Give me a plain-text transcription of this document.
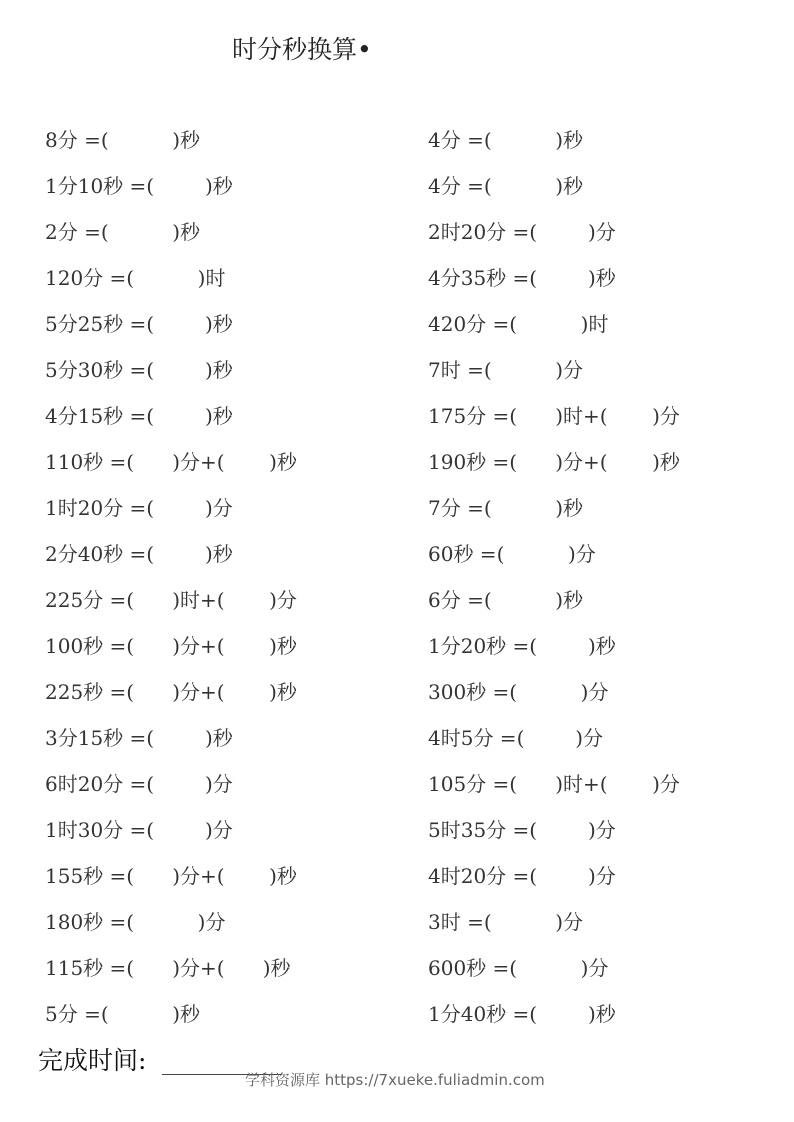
时分秒换算•
8分 =(          )秒
1分10秒 =(        )秒
2分 =(          )秒
120分 =(          )时
5分25秒 =(        )秒
5分30秒 =(        )秒
4分15秒 =(        )秒
110秒 =(      )分+(       )秒
1时20分 =(        )分
2分40秒 =(        )秒
225分 =(      )时+(       )分
100秒 =(      )分+(       )秒
225秒 =(      )分+(       )秒
3分15秒 =(        )秒
6时20分 =(        )分
1时30分 =(        )分
155秒 =(      )分+(       )秒
180秒 =(          )分
115秒 =(      )分+(      )秒
5分 =(          )秒
4分 =(          )秒
4分 =(          )秒
2时20分 =(        )分
4分35秒 =(        )秒
420分 =(          )时
7时 =(          )分
175分 =(      )时+(       )分
190秒 =(      )分+(       )秒
7分 =(          )秒
60秒 =(          )分
6分 =(          )秒
1分20秒 =(        )秒
300秒 =(          )分
4时5分 =(        )分
105分 =(      )时+(       )分
5时35分 =(        )分
4时20分 =(        )分
3时 =(          )分
600秒 =(          )分
1分40秒 =(        )秒
完成时间:
学科资源库 https://7xueke.fuliadmin.com
